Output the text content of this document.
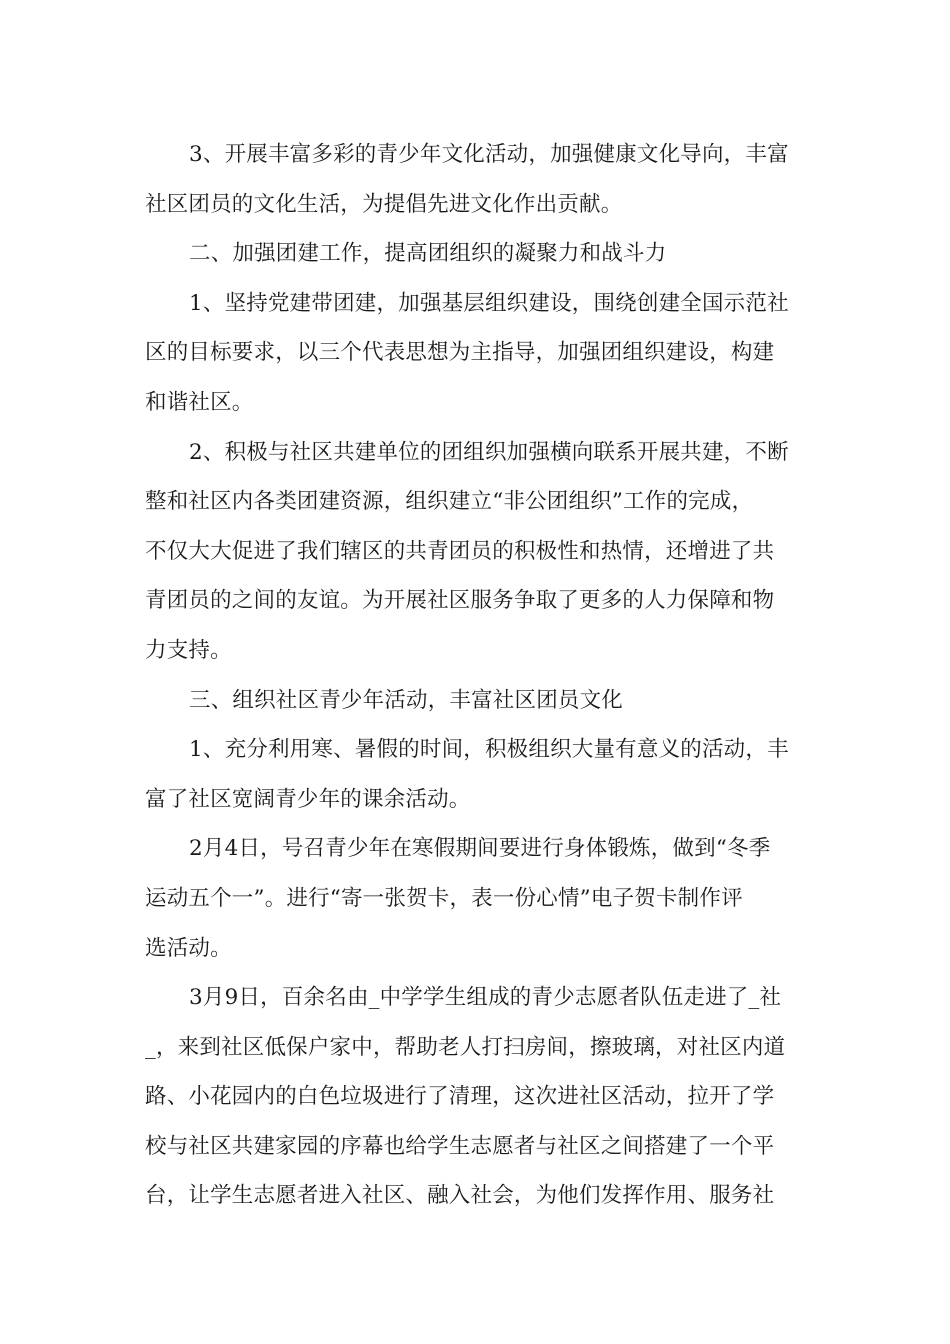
3、开展丰富多彩的青少年文化活动，加强健康文化导向，丰富
社区团员的文化生活，为提倡先进文化作出贡献。
二、加强团建工作，提高团组织的凝聚力和战斗力
1、坚持党建带团建，加强基层组织建设，围绕创建全国示范社
区的目标要求，以三个代表思想为主指导，加强团组织建设，构建
和谐社区。
2、积极与社区共建单位的团组织加强横向联系开展共建，不断
整和社区内各类团建资源，组织建立“非公团组织”工作的完成，
不仅大大促进了我们辖区的共青团员的积极性和热情，还增进了共
青团员的之间的友谊。为开展社区服务争取了更多的人力保障和物
力支持。
三、组织社区青少年活动，丰富社区团员文化
1、充分利用寒、暑假的时间，积极组织大量有意义的活动，丰
富了社区宽阔青少年的课余活动。
2月4日，号召青少年在寒假期间要进行身体锻炼，做到“冬季
运动五个一”。进行“寄一张贺卡，表一份心情”电子贺卡制作评
选活动。
3月9日，百余名由_中学学生组成的青少志愿者队伍走进了_社
_，来到社区低保户家中，帮助老人打扫房间，擦玻璃，对社区内道
路、小花园内的白色垃圾进行了清理，这次进社区活动，拉开了学
校与社区共建家园的序幕也给学生志愿者与社区之间搭建了一个平
台，让学生志愿者进入社区、融入社会，为他们发挥作用、服务社
